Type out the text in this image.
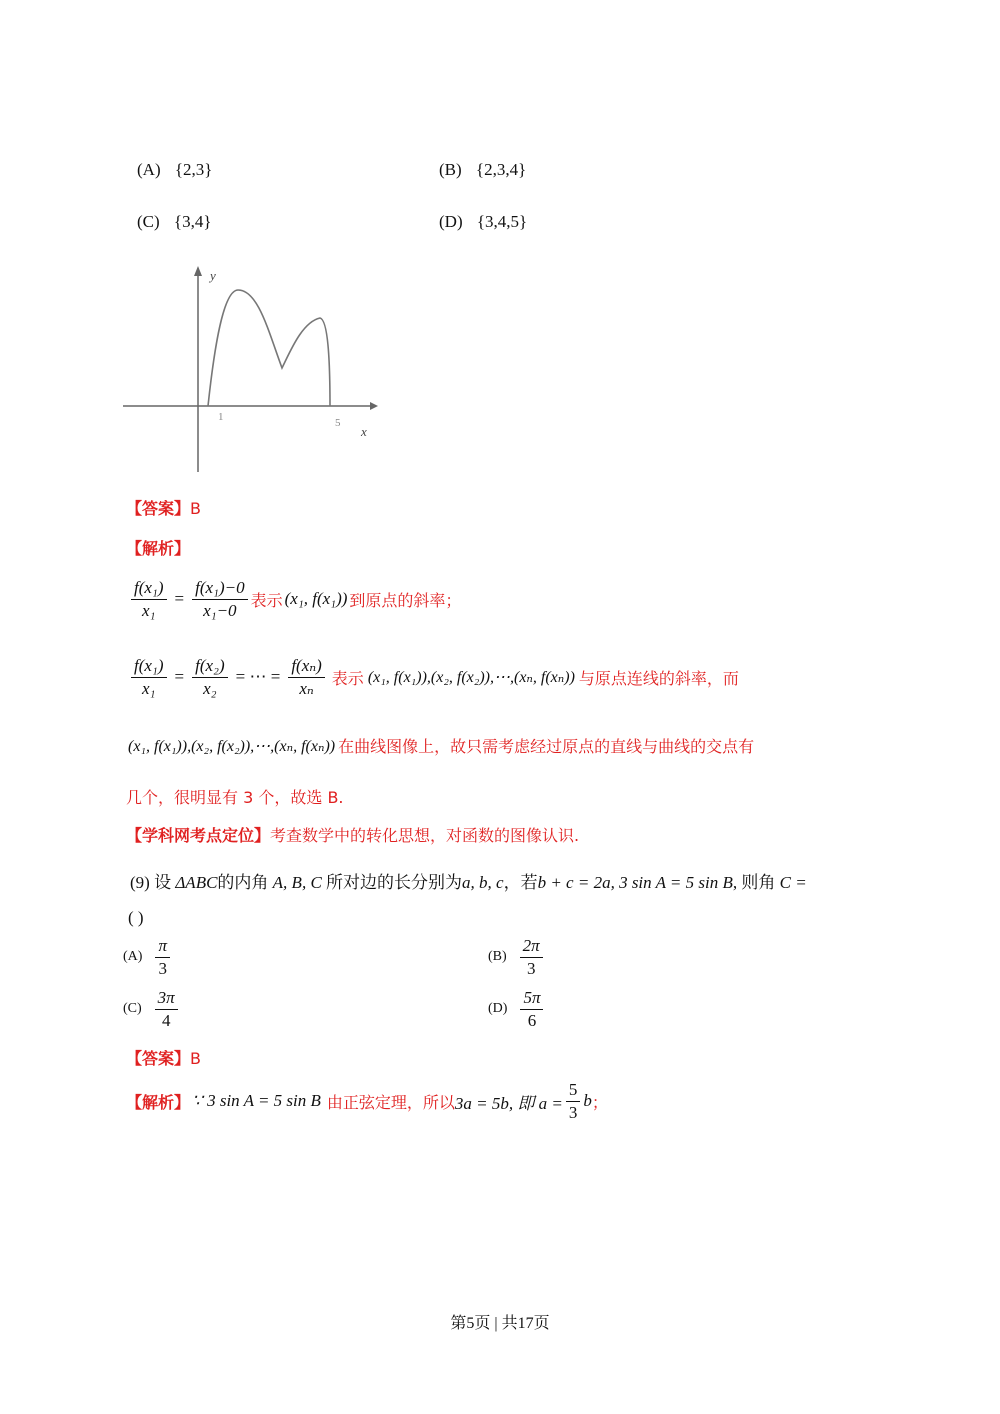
(A) {2,3}	(B) {2,3,4}
(C) {3,4}	(D) {3,4,5}
y
x
1	5
【答案】B
【解析】
$\frac{\text{f(x₁)}}{\text{x₁}} = \frac{\text{f(x₁)−0}}{\text{x₁−0}}$ 表示 (x₁, f(x₁)) 到原点的斜率；
$\frac{\text{f(x₁)}}{\text{x₁}} = \frac{\text{f(x₂)}}{\text{x₂}}$ = ⋯ = $\frac{\text{f(xₙ)}}{\text{xₙ}}$ 表示 (x₁, f(x₁)),(x₂, f(x₂)),⋯,(xₙ, f(xₙ)) 与原点连线的斜率，而
(x₁, f(x₁)),(x₂, f(x₂)),⋯,(xₙ, f(xₙ)) 在曲线图像上，故只需考虑经过原点的直线与曲线的交点有
几个，很明显有 3 个，故选 B.
【学科网考点定位】考查数学中的转化思想，对函数的图像认识.
(9) 设 ΔABC的内角 A, B, C 所对边的长分别为a, b, c，若b + c = 2a, 3 sin A = 5 sin B, 则角 C =
( )
$(A) \frac{\pi}{3}$	$(B) \frac{2\pi}{3}$
$(C) \frac{3\pi}{4}$	$(D) \frac{5\pi}{6}$
【答案】B
【解析】 ∵ 3 sin A = 5 sin B 由正弦定理，所以 3a = 5b, 即 $a = \frac{5}{3}$ b ；
第5页 | 共17页
